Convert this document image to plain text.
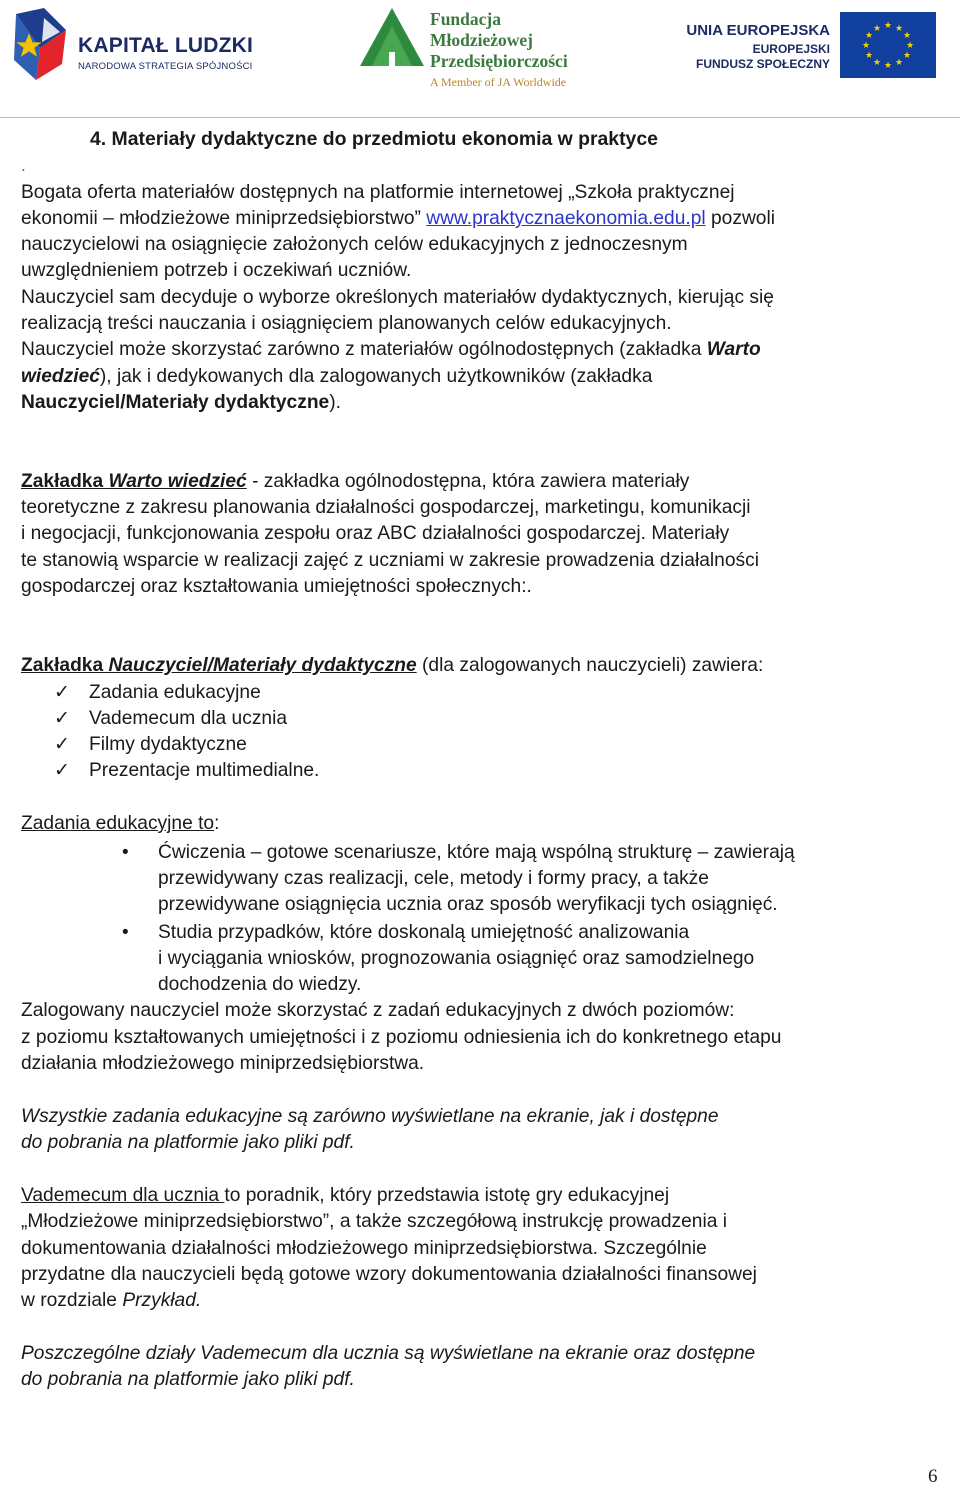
KAPITAŁ LUDZKI
NARODOWA STRATEGIA SPÓJNOŚCI
Fundacja
Młodzieżowej
Przedsiębiorczości
A Member of JA Worldwide
UNIA EUROPEJSKA
EUROPEJSKI
FUNDUSZ SPOŁECZNY
★ ★
★
★
★
★
★
★
★
★
★
★
4. Materiały dydaktyczne do przedmiotu ekonomia w praktyce
.
Bogata oferta materiałów dostępnych na platformie internetowej „Szkoła praktycznej
ekonomii – młodzieżowe miniprzedsiębiorstwo” www.praktycznaekonomia.edu.pl pozwoli
nauczycielowi na osiągnięcie założonych celów edukacyjnych z jednoczesnym
uwzględnieniem potrzeb i oczekiwań uczniów.
Nauczyciel sam decyduje o wyborze określonych materiałów dydaktycznych, kierując się
realizacją treści nauczania i osiągnięciem planowanych celów edukacyjnych.
Nauczyciel może skorzystać zarówno z materiałów ogólnodostępnych (zakładka Warto
wiedzieć), jak i dedykowanych dla zalogowanych użytkowników (zakładka
Nauczyciel/Materiały dydaktyczne).
Zakładka Warto wiedzieć - zakładka ogólnodostępna, która zawiera materiały
teoretyczne z zakresu planowania działalności gospodarczej, marketingu, komunikacji
i negocjacji, funkcjonowania zespołu oraz ABC działalności gospodarczej. Materiały
te stanowią wsparcie w realizacji zajęć z uczniami w zakresie prowadzenia działalności
gospodarczej oraz kształtowania umiejętności społecznych:.
Zakładka Nauczyciel/Materiały dydaktyczne (dla zalogowanych nauczycieli) zawiera:
✓ Zadania edukacyjne
✓ Vademecum dla ucznia
✓ Filmy dydaktyczne
✓ Prezentacje multimedialne.
Zadania edukacyjne to:
• Ćwiczenia – gotowe scenariusze, które mają wspólną strukturę – zawierają
przewidywany czas realizacji, cele, metody i formy pracy, a także
przewidywane osiągnięcia ucznia oraz sposób weryfikacji tych osiągnięć.
• Studia przypadków, które doskonalą umiejętność analizowania
i wyciągania wniosków, prognozowania osiągnięć oraz samodzielnego
dochodzenia do wiedzy.
Zalogowany nauczyciel może skorzystać z zadań edukacyjnych z dwóch poziomów:
z poziomu kształtowanych umiejętności i z poziomu odniesienia ich do konkretnego etapu
działania młodzieżowego miniprzedsiębiorstwa.
Wszystkie zadania edukacyjne są zarówno wyświetlane na ekranie, jak i dostępne
do pobrania na platformie jako pliki pdf.
Vademecum dla ucznia to poradnik, który przedstawia istotę gry edukacyjnej
„Młodzieżowe miniprzedsiębiorstwo”, a także szczegółową instrukcję prowadzenia i
dokumentowania działalności młodzieżowego miniprzedsiębiorstwa. Szczególnie
przydatne dla nauczycieli będą gotowe wzory dokumentowania działalności finansowej
w rozdziale Przykład.
Poszczególne działy Vademecum dla ucznia są wyświetlane na ekranie oraz dostępne
do pobrania na platformie jako pliki pdf.
6
